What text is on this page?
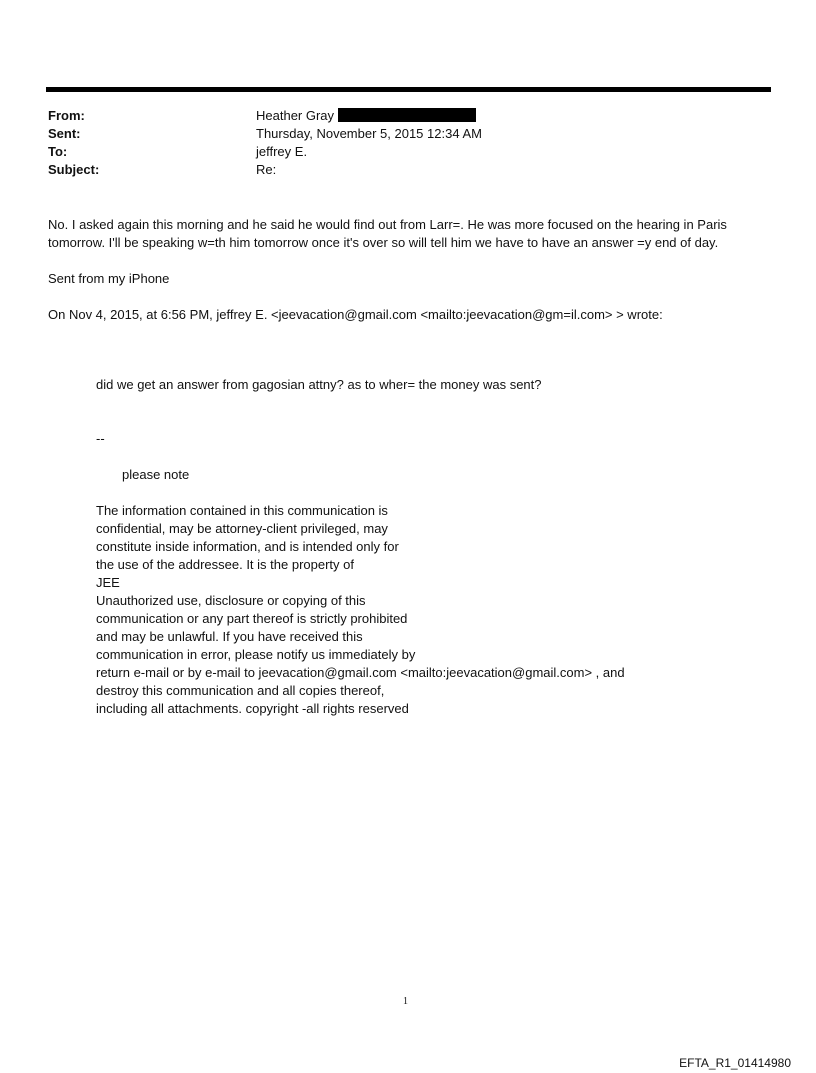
From:	Heather Gray
Sent:	Thursday, November 5, 2015 12:34 AM
To:	jeffrey E.
Subject:	Re:
No. I asked again this morning and he said he would find out from Larr=. He was more focused on the hearing in Paris
tomorrow. I'll be speaking w=th him tomorrow once it's over so will tell him we have to have an answer =y end of day.
Sent from my iPhone
On Nov 4, 2015, at 6:56 PM, jeffrey E. <jeevacation@gmail.com <mailto:jeevacation@gm=il.com> > wrote:
did we get an answer from gagosian attny? as to wher= the money was sent?
--
please note
The information contained in this communication is
confidential, may be attorney-client privileged, may
constitute inside information, and is intended only for
the use of the addressee. It is the property of
JEE
Unauthorized use, disclosure or copying of this
communication or any part thereof is strictly prohibited
and may be unlawful. If you have received this
communication in error, please notify us immediately by
return e-mail or by e-mail to jeevacation@gmail.com <mailto:jeevacation@gmail.com> , and
destroy this communication and all copies thereof,
including all attachments. copyright -all rights reserved
1
EFTA_R1_01414980
